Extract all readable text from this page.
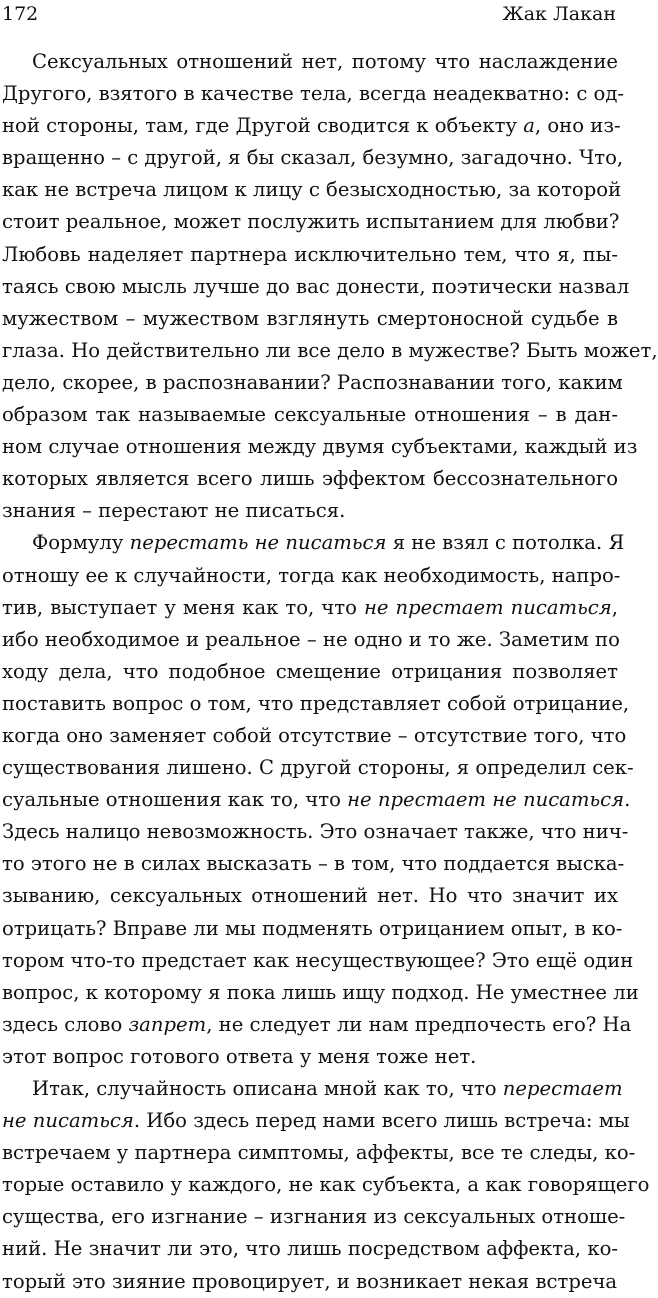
172	Жак Лакан
Сексуальных отношений нет, потому что наслаждение
Другого, взятого в качестве тела, всегда неадекватно: с од-
ной стороны, там, где Другой сводится к объекту а, оно из-
вращенно – с другой, я бы сказал, безумно, загадочно. Что,
как не встреча лицом к лицу с безысходностью, за которой
стоит реальное, может послужить испытанием для любви?
Любовь наделяет партнера исключительно тем, что я, пы-
таясь свою мысль лучше до вас донести, поэтически назвал
мужеством – мужеством взглянуть смертоносной судьбе в
глаза. Но действительно ли все дело в мужестве? Быть может,
дело, скорее, в распознавании? Распознавании того, каким
образом так называемые сексуальные отношения – в дан-
ном случае отношения между двумя субъектами, каждый из
которых является всего лишь эффектом бессознательного
знания – перестают не писаться.
Формулу перестать не писаться я не взял с потолка. Я
отношу ее к случайности, тогда как необходимость, напро-
тив, выступает у меня как то, что не престает писаться,
ибо необходимое и реальное – не одно и то же. Заметим по
ходу дела, что подобное смещение отрицания позволяет
поставить вопрос о том, что представляет собой отрицание,
когда оно заменяет собой отсутствие – отсутствие того, что
существования лишено. С другой стороны, я определил сек-
суальные отношения как то, что не престает не писаться.
Здесь налицо невозможность. Это означает также, что нич-
то этого не в силах высказать – в том, что поддается выска-
зыванию, сексуальных отношений нет. Но что значит их
отрицать? Вправе ли мы подменять отрицанием опыт, в ко-
тором что-то предстает как несуществующее? Это ещё один
вопрос, к которому я пока лишь ищу подход. Не уместнее ли
здесь слово запрет, не следует ли нам предпочесть его? На
этот вопрос готового ответа у меня тоже нет.
Итак, случайность описана мной как то, что перестает
не писаться. Ибо здесь перед нами всего лишь встреча: мы
встречаем у партнера симптомы, аффекты, все те следы, ко-
торые оставило у каждого, не как субъекта, а как говорящего
существа, его изгнание – изгнания из сексуальных отноше-
ний. Не значит ли это, что лишь посредством аффекта, ко-
торый это зияние провоцирует, и возникает некая встреча
